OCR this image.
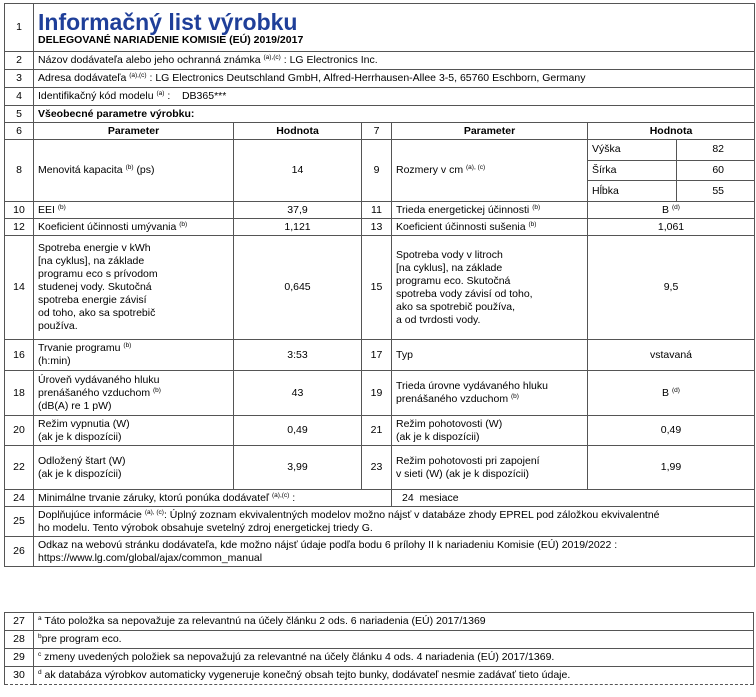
1	Informačný list výrobku
DELEGOVANÉ NARIADENIE KOMISIE (EÚ) 2019/2017

2	Názov dodávateľa alebo jeho ochranná známka $^{(a),(c)}$ : LG Electronics Inc.
3	Adresa dodávateľa $^{(a),(c)}$ : LG Electronics Deutschland GmbH, Alfred-Herrhausen-Allee 3-5, 65760 Eschborn, Germany
4	Identifikačný kód modelu $^{(a)}$ :    DB365***
5	Všeobecné parametre výrobku:
6	Parameter	Hodnota	7	Parameter	Hodnota
8	Menovitá kapacita $^{(b)}$ (ps)	14	9	Rozmery v cm $^{(a), (c)}$	
Výška	82
Šírka	60
Hĺbka	55

10	EEI $^{(b)}$	37,9	11	Trieda energetickej účinnosti $^{(b)}$	B $^{(d)}$
12	Koeficient účinnosti umývania $^{(b)}$	1,121	13	Koeficient účinnosti sušenia $^{(b)}$	1,061
14	
Spotreba energie v kWh
[na cyklus], na základe
programu eco s prívodom
studenej vody. Skutočná
spotreba energie závisí
od toho, ako sa spotrebič
používa.
	0,645	15	
Spotreba vody v litroch
[na cyklus], na základe
programu eco. Skutočná
spotreba vody závisí od toho,
ako sa spotrebič používa,
a od tvrdosti vody.
	9,5
16	
Trvanie programu $^{(b)}$
(h:min)
	3:53	17	Typ	vstavaná
18	
Úroveň vydávaného hluku
prenášaného vzduchom $^{(b)}$
(dB(A) re 1 pW)
	43	19	
Trieda úrovne vydávaného hluku
prenášaného vzduchom $^{(b)}$	B $^{(d)}$
20	
Režim vypnutia (W)
(ak je k dispozícii)
	0,49	21	
Režim pohotovosti (W)
(ak je k dispozícii)
	0,49
22	
Odložený štart (W)
(ak je k dispozícii)
	3,99	23	
Režim pohotovosti pri zapojení
v sieti (W) (ak je k dispozícii)
	1,99
24	Minimálne trvanie záruky, ktorú ponúka dodávateľ $^{(a),(c)}$ :	24  mesiace
25	
Doplňujúce informácie $^{(a), (c)}$: Úplný zoznam ekvivalentných modelov možno nájsť v databáze zhody EPREL pod záložkou ekvivalentné
ho modelu. Tento výrobok obsahuje svetelný zdroj energetickej triedy G.

26	
Odkaz na webovú stránku dodávateľa, kde možno nájsť údaje podľa bodu 6 prílohy II k nariadeniu Komisie (EÚ) 2019/2022 :
https://www.lg.com/global/ajax/common_manual
27	$^a$ Táto položka sa nepovažuje za relevantnú na účely článku 2 ods. 6 nariadenia (EÚ) 2017/1369
28	$^b$pre program eco.
29	$^c$ zmeny uvedených položiek sa nepovažujú za relevantné na účely článku 4 ods. 4 nariadenia (EÚ) 2017/1369.
30	$^d$ ak databáza výrobkov automaticky vygeneruje konečný obsah tejto bunky, dodávateľ nesmie zadávať tieto údaje.
